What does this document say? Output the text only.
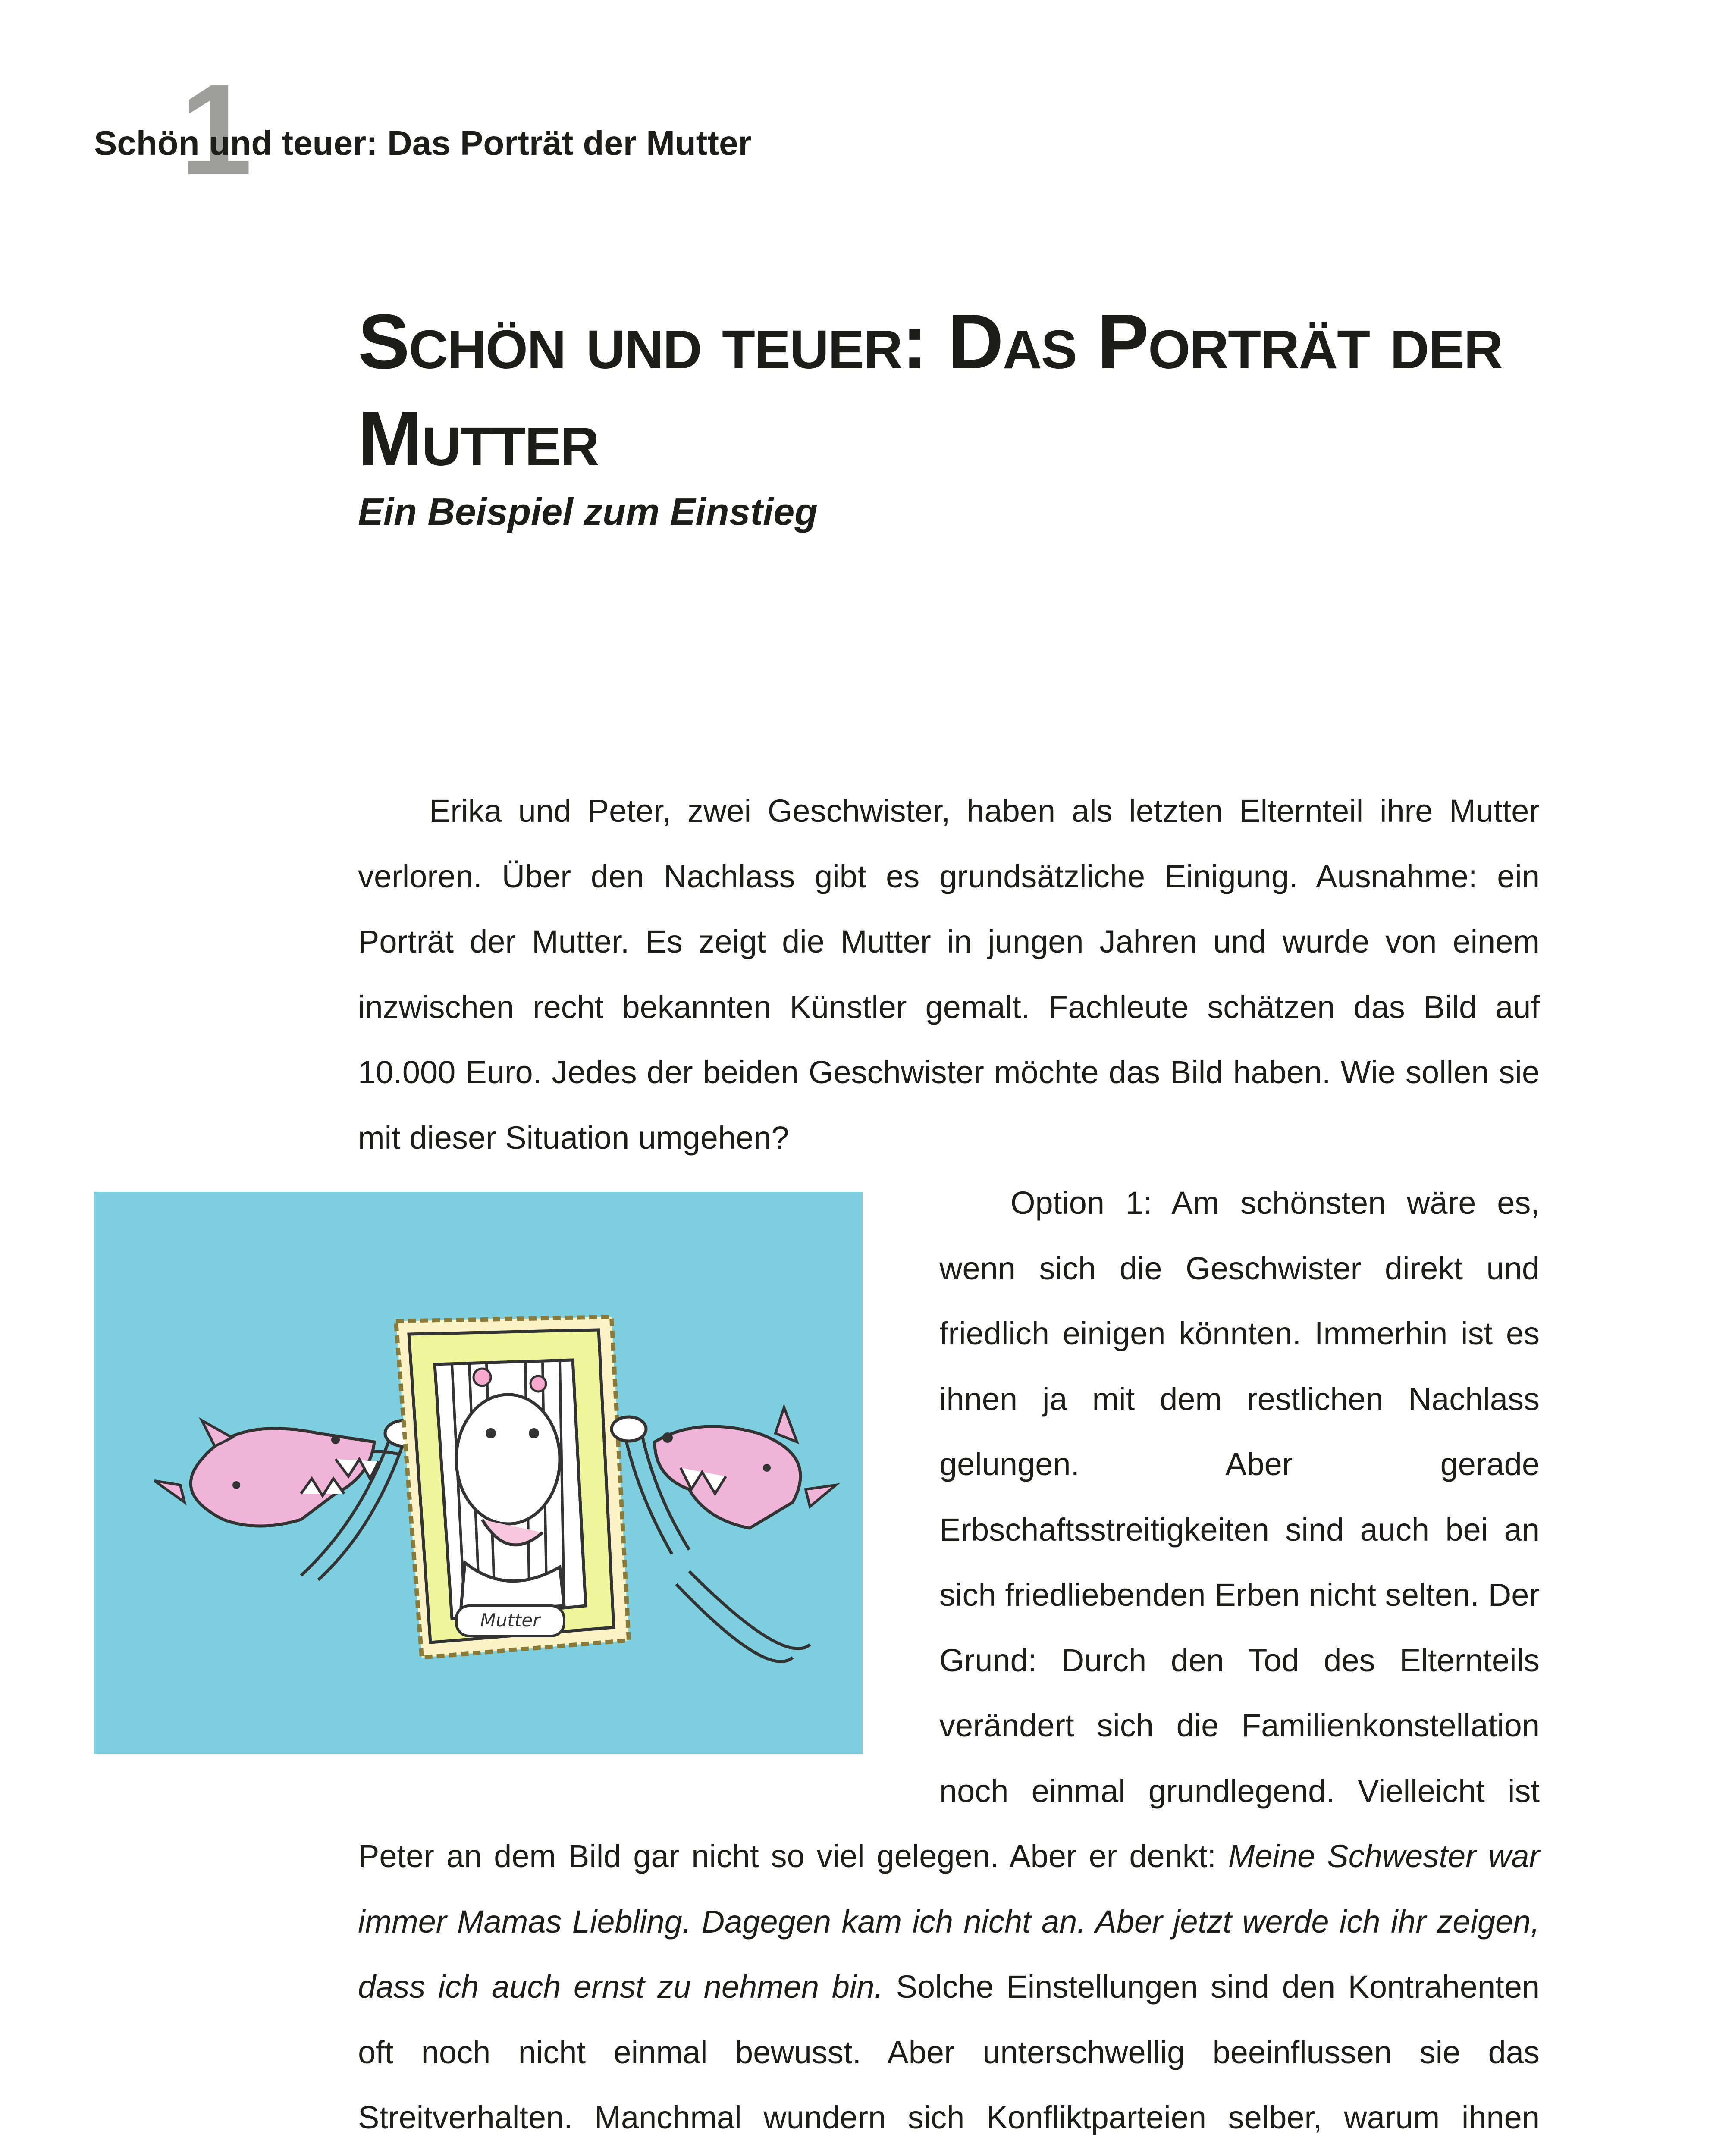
1
Schön und teuer: Das Porträt der Mutter
Schön und teuer: Das Porträt der Mutter
Ein Beispiel zum Einstieg

Erika und Peter, zwei Geschwister, haben als letzten Elternteil ihre Mutter verloren. Über den Nachlass gibt es grundsätzliche Einigung. Ausnahme: ein Porträt der Mutter. Es zeigt die Mutter in jungen Jahren und wurde von einem inzwischen recht bekannten Künstler gemalt. Fachleute schätzen das Bild auf 10.000 Euro. Jedes der beiden Geschwister möchte das Bild haben. Wie sollen sie mit dieser Situation umgehen?

Mutter

Option 1: Am schönsten wäre es, wenn sich die Geschwister direkt und friedlich einigen könnten. Immerhin ist es ihnen ja mit dem restlichen Nachlass gelungen. Aber gerade Erbschaftsstreitigkeiten sind auch bei an sich friedliebenden Erben nicht selten. Der Grund: Durch den Tod des Elternteils verändert sich die Familienkonstellation noch einmal grundlegend. Vielleicht ist Peter an dem Bild gar nicht so viel gelegen. Aber er denkt: Meine Schwester war immer Mamas Liebling. Dagegen kam ich nicht an. Aber jetzt werde ich ihr zeigen, dass ich auch ernst zu nehmen bin. Solche Einstellungen sind den Kontrahenten oft noch nicht einmal bewusst. Aber unterschwellig beeinflussen sie das Streitverhalten. Manchmal wundern sich Konfliktparteien selber, warum ihnen
